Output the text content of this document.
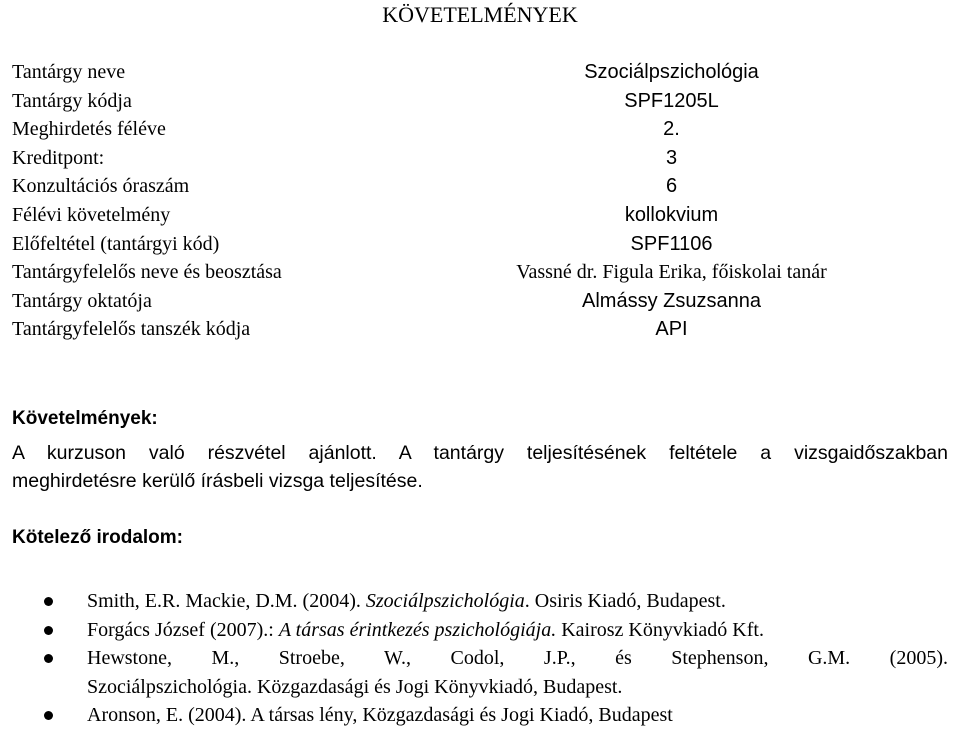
KÖVETELMÉNYEK
Tantárgy neve	Szociálpszichológia
Tantárgy kódja	SPF1205L
Meghirdetés féléve	2.
Kreditpont:	3
Konzultációs óraszám	6
Félévi követelmény	kollokvium
Előfeltétel (tantárgyi kód)	SPF1106
Tantárgyfelelős neve és beosztása	Vassné dr. Figula Erika, főiskolai tanár
Tantárgy oktatója	Almássy Zsuzsanna
Tantárgyfelelős tanszék kódja	API
Követelmények:
A kurzuson való részvétel ajánlott. A tantárgy teljesítésének feltétele a vizsgaidőszakban
meghirdetésre kerülő írásbeli vizsga teljesítése.
Kötelező irodalom:
Smith, E.R. Mackie, D.M. (2004). Szociálpszichológia. Osiris Kiadó, Budapest.
Forgács József (2007).: A társas érintkezés pszichológiája. Kairosz Könyvkiadó Kft.
Hewstone, M., Stroebe, W., Codol, J.P., és Stephenson, G.M. (2005).
Szociálpszichológia. Közgazdasági és Jogi Könyvkiadó, Budapest.
Aronson, E. (2004). A társas lény, Közgazdasági és Jogi Kiadó, Budapest
